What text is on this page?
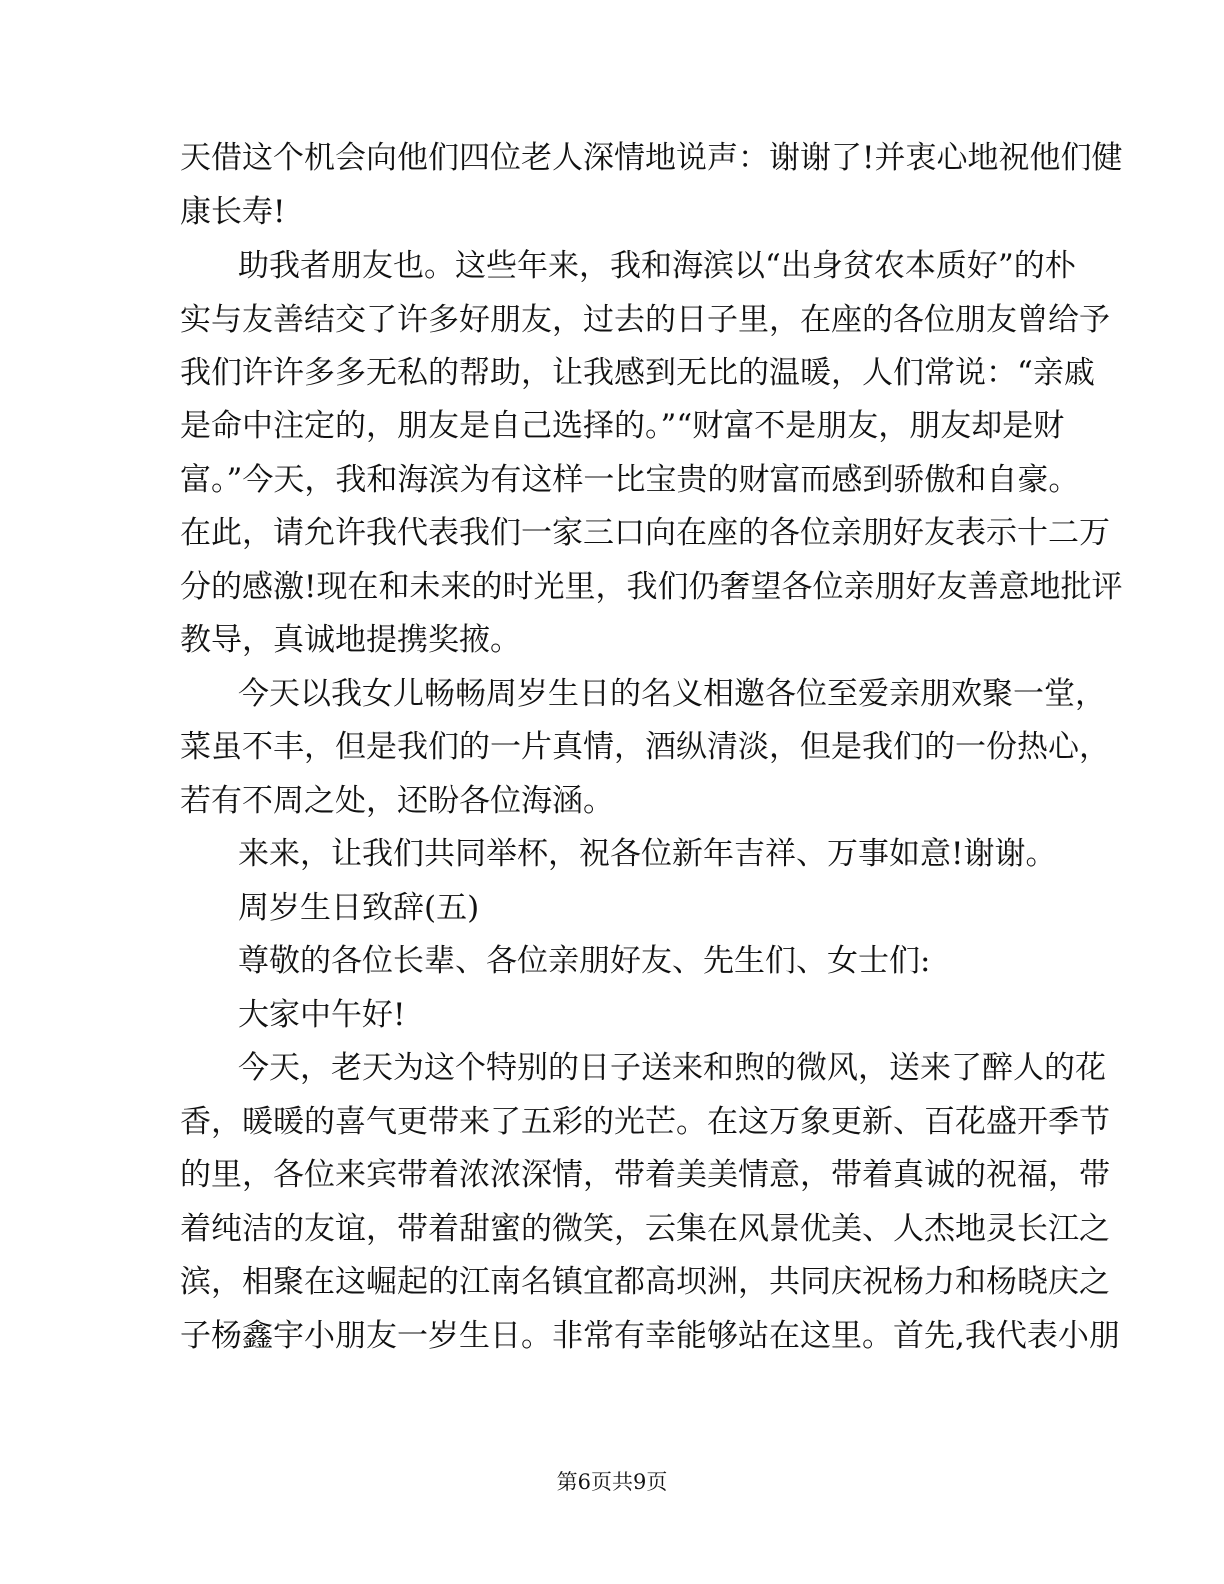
天借这个机会向他们四位老人深情地说声：谢谢了!并衷心地祝他们健
康长寿!
助我者朋友也。这些年来，我和海滨以“出身贫农本质好”的朴
实与友善结交了许多好朋友，过去的日子里，在座的各位朋友曾给予
我们许许多多无私的帮助，让我感到无比的温暖，人们常说：“亲戚
是命中注定的，朋友是自己选择的。”“财富不是朋友，朋友却是财
富。”今天，我和海滨为有这样一比宝贵的财富而感到骄傲和自豪。
在此，请允许我代表我们一家三口向在座的各位亲朋好友表示十二万
分的感激!现在和未来的时光里，我们仍奢望各位亲朋好友善意地批评
教导，真诚地提携奖掖。
今天以我女儿畅畅周岁生日的名义相邀各位至爱亲朋欢聚一堂，
菜虽不丰，但是我们的一片真情，酒纵清淡，但是我们的一份热心，
若有不周之处，还盼各位海涵。
来来，让我们共同举杯，祝各位新年吉祥、万事如意!谢谢。
周岁生日致辞(五)
尊敬的各位长辈、各位亲朋好友、先生们、女士们:
大家中午好!
今天，老天为这个特别的日子送来和煦的微风，送来了醉人的花
香，暖暖的喜气更带来了五彩的光芒。在这万象更新、百花盛开季节
的里，各位来宾带着浓浓深情，带着美美情意，带着真诚的祝福，带
着纯洁的友谊，带着甜蜜的微笑，云集在风景优美、人杰地灵长江之
滨，相聚在这崛起的江南名镇宜都高坝洲，共同庆祝杨力和杨晓庆之
子杨鑫宇小朋友一岁生日。非常有幸能够站在这里。首先,我代表小朋
第6页共9页
